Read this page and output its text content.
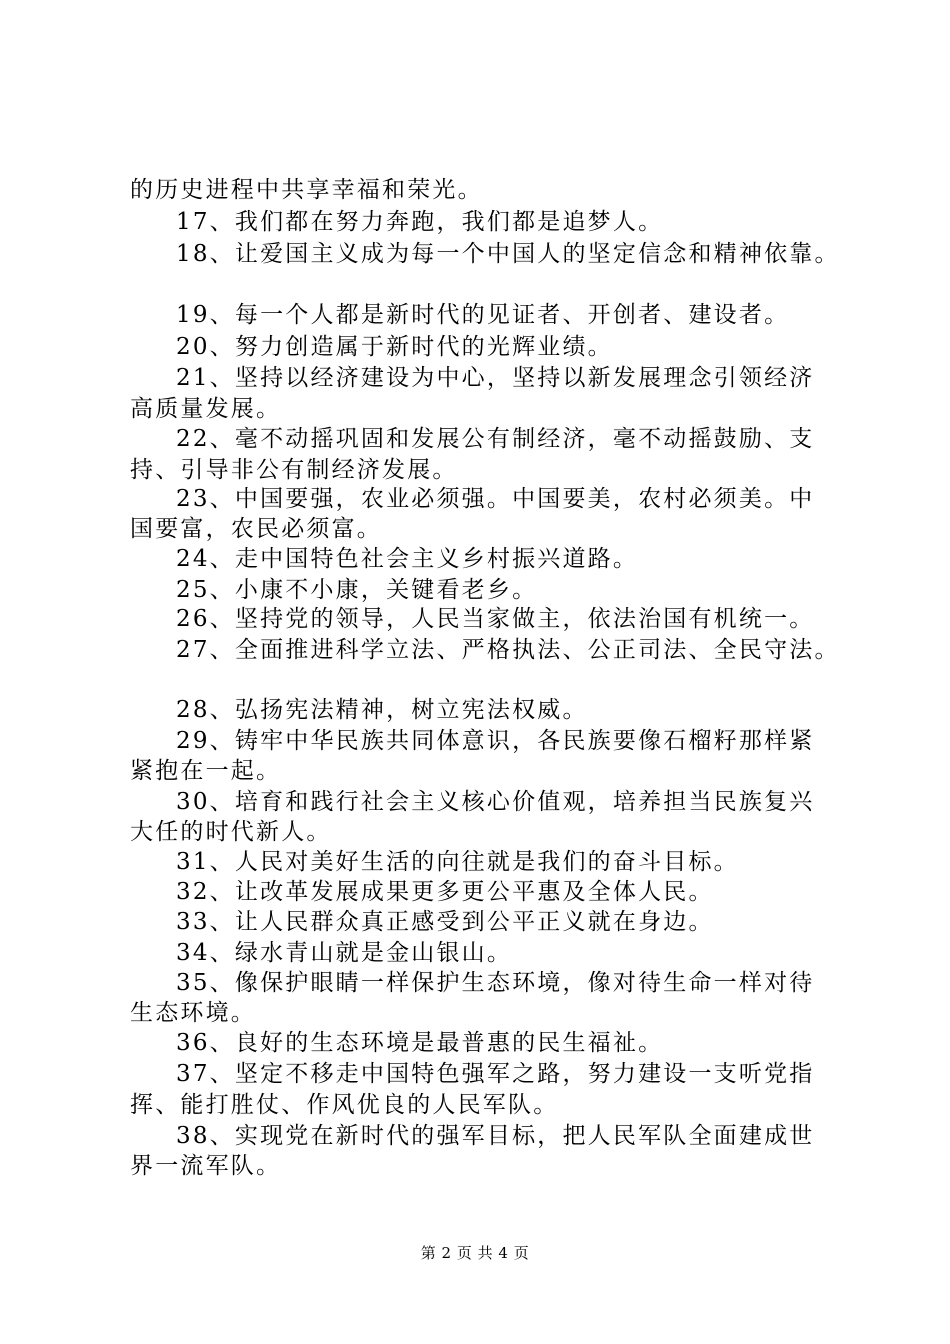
的历史进程中共享幸福和荣光。
17、我们都在努力奔跑，我们都是追梦人。
18、让爱国主义成为每一个中国人的坚定信念和精神依靠。
19、每一个人都是新时代的见证者、开创者、建设者。
20、努力创造属于新时代的光辉业绩。
21、坚持以经济建设为中心，坚持以新发展理念引领经济
高质量发展。
22、毫不动摇巩固和发展公有制经济，毫不动摇鼓励、支
持、引导非公有制经济发展。
23、中国要强，农业必须强。中国要美，农村必须美。中
国要富，农民必须富。
24、走中国特色社会主义乡村振兴道路。
25、小康不小康，关键看老乡。
26、坚持党的领导，人民当家做主，依法治国有机统一。
27、全面推进科学立法、严格执法、公正司法、全民守法。
28、弘扬宪法精神，树立宪法权威。
29、铸牢中华民族共同体意识，各民族要像石榴籽那样紧
紧抱在一起。
30、培育和践行社会主义核心价值观，培养担当民族复兴
大任的时代新人。
31、人民对美好生活的向往就是我们的奋斗目标。
32、让改革发展成果更多更公平惠及全体人民。
33、让人民群众真正感受到公平正义就在身边。
34、绿水青山就是金山银山。
35、像保护眼睛一样保护生态环境，像对待生命一样对待
生态环境。
36、良好的生态环境是最普惠的民生福祉。
37、坚定不移走中国特色强军之路，努力建设一支听党指
挥、能打胜仗、作风优良的人民军队。
38、实现党在新时代的强军目标，把人民军队全面建成世
界一流军队。
第 2 页 共 4 页
